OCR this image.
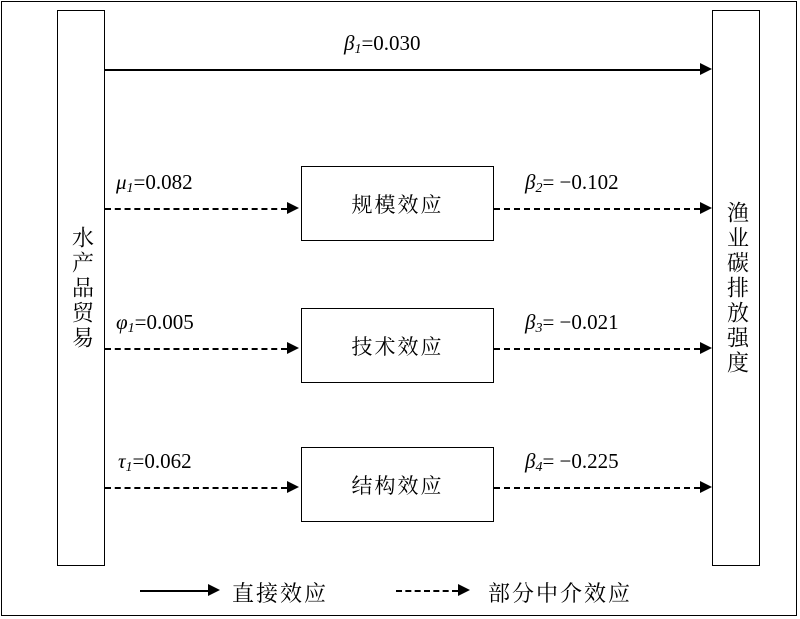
水产品贸易	渔业碳排放强度
规模效应
技术效应
结构效应
$\beta_1=0.030$
$\mu_1=0.082$	$\beta_2= -0.102$
$\varphi_1=0.005$	$\beta_3= -0.021$
$\tau_1=0.062$	$\beta_4= -0.225$
直接效应	部分中介效应
